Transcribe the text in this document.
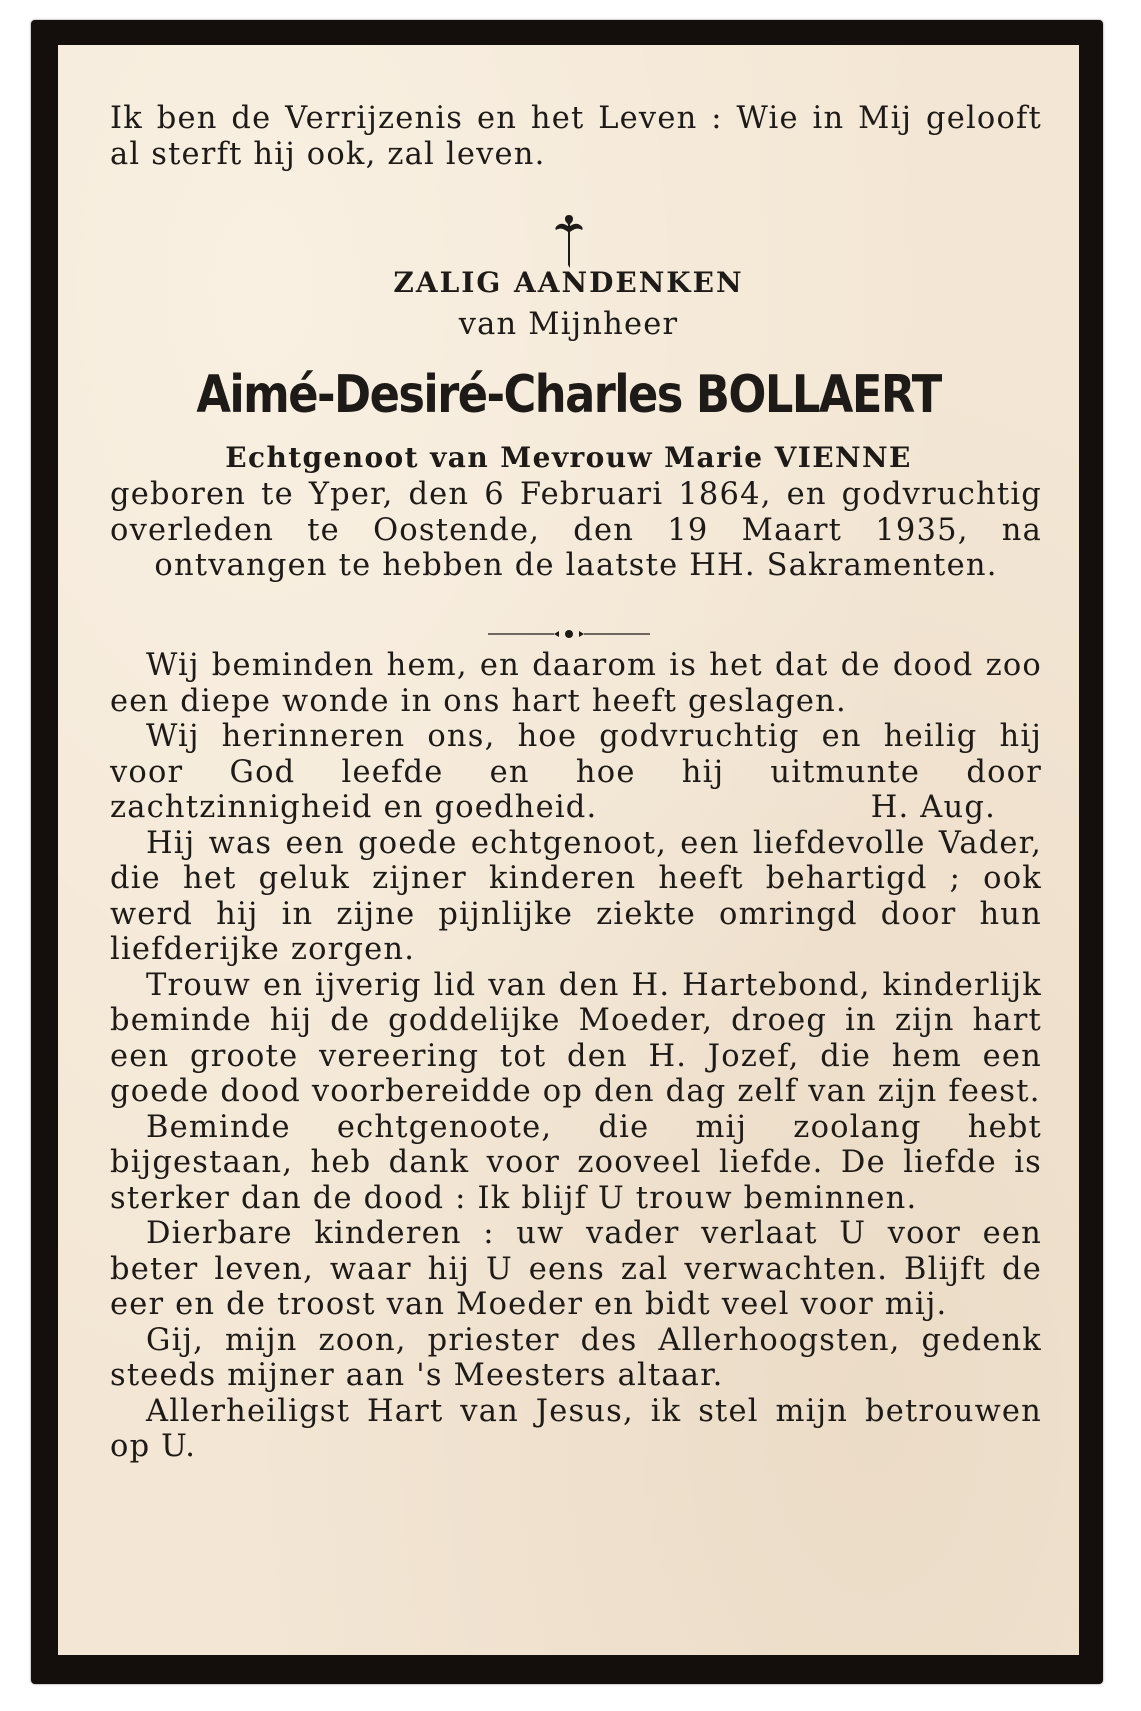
Ik ben de Verrijzenis en het Leven : Wie in Mij gelooft al sterft hij ook, zal leven.
ZALIG AANDENKEN
van Mijnheer
Aimé-Desiré-Charles BOLLAERT
Echtgenoot van Mevrouw Marie VIENNE
geboren te Yper, den 6 Februari 1864, en godvruchtig overleden te Oostende, den 19 Maart 1935, na ontvangen te hebben de laatste HH. Sakramenten.

Wij beminden hem, en daarom is het dat de dood zoo een diepe wonde in ons hart heeft geslagen.

Wij herinneren ons, hoe godvruchtig en heilig hij voor God leefde en hoe hij uitmunte door

zachtzinnigheid en goedheid.	H. Aug.

Hij was een goede echtgenoot, een liefdevolle Vader, die het geluk zijner kinderen heeft behartigd ; ook werd hij in zijne pijnlijke ziekte omringd door hun liefderijke zorgen.

Trouw en ijverig lid van den H. Hartebond, kinderlijk beminde hij de goddelijke Moeder, droeg in zijn hart een groote vereering tot den H. Jozef, die hem een goede dood voorbereidde op den dag zelf van zijn feest.

Beminde echtgenoote, die mij zoolang hebt bijgestaan, heb dank voor zooveel liefde. De liefde is sterker dan de dood : Ik blijf U trouw beminnen.

Dierbare kinderen : uw vader verlaat U voor een beter leven, waar hij U eens zal verwachten. Blijft de eer en de troost van Moeder en bidt veel voor mij.

Gij, mijn zoon, priester des Allerhoogsten, gedenk steeds mijner aan 's Meesters altaar.

Allerheiligst Hart van Jesus, ik stel mijn betrouwen op U.
